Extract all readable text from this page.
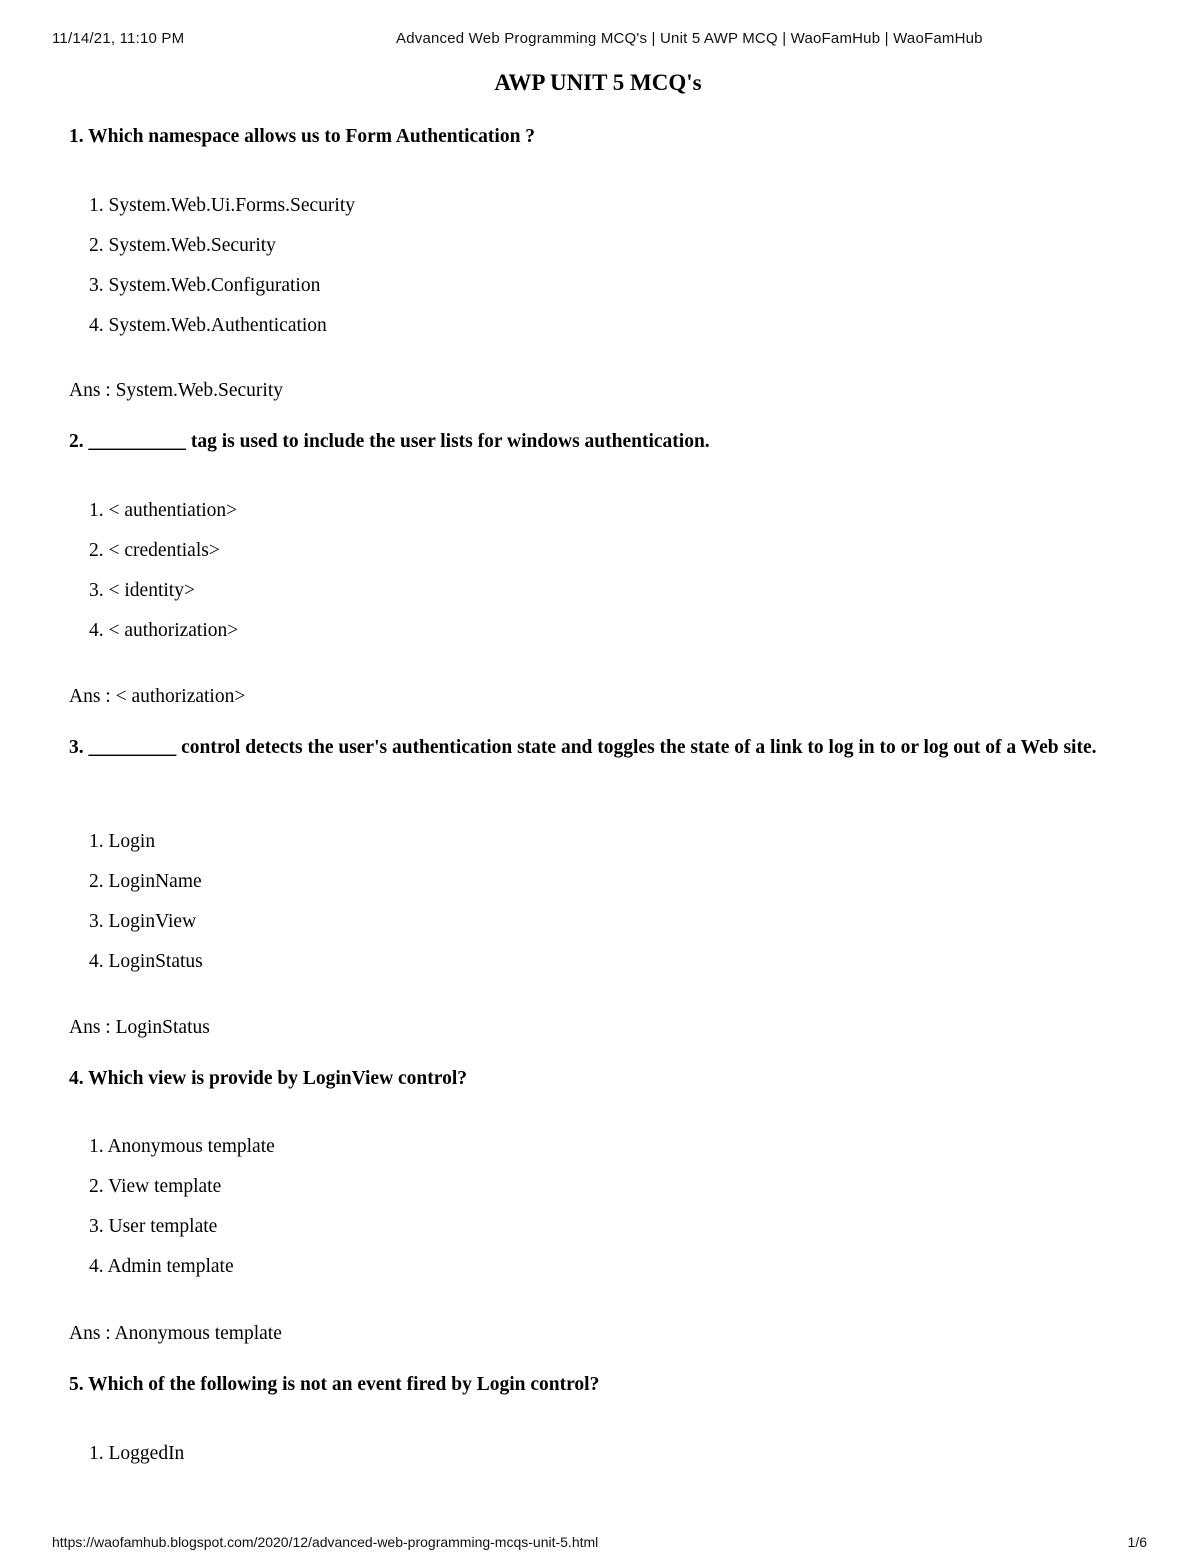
11/14/21, 11:10 PM	Advanced Web Programming MCQ's | Unit 5 AWP MCQ | WaoFamHub | WaoFamHub
AWP UNIT 5 MCQ's
1. Which namespace allows us to Form Authentication ?
1. System.Web.Ui.Forms.Security
2. System.Web.Security
3. System.Web.Configuration
4. System.Web.Authentication
Ans : System.Web.Security
2. __________ tag is used to include the user lists for windows authentication.
1. < authentiation>
2. < credentials>
3. < identity>
4. < authorization>
Ans : < authorization>
3. _________ control detects the user's authentication state and toggles the state of a link to log in to or log out of a Web site.
1. Login
2. LoginName
3. LoginView
4. LoginStatus
Ans : LoginStatus
4. Which view is provide by LoginView control?
1. Anonymous template
2. View template
3. User template
4. Admin template
Ans : Anonymous template
5. Which of the following is not an event fired by Login control?
1. LoggedIn
https://waofamhub.blogspot.com/2020/12/advanced-web-programming-mcqs-unit-5.html	1/6
